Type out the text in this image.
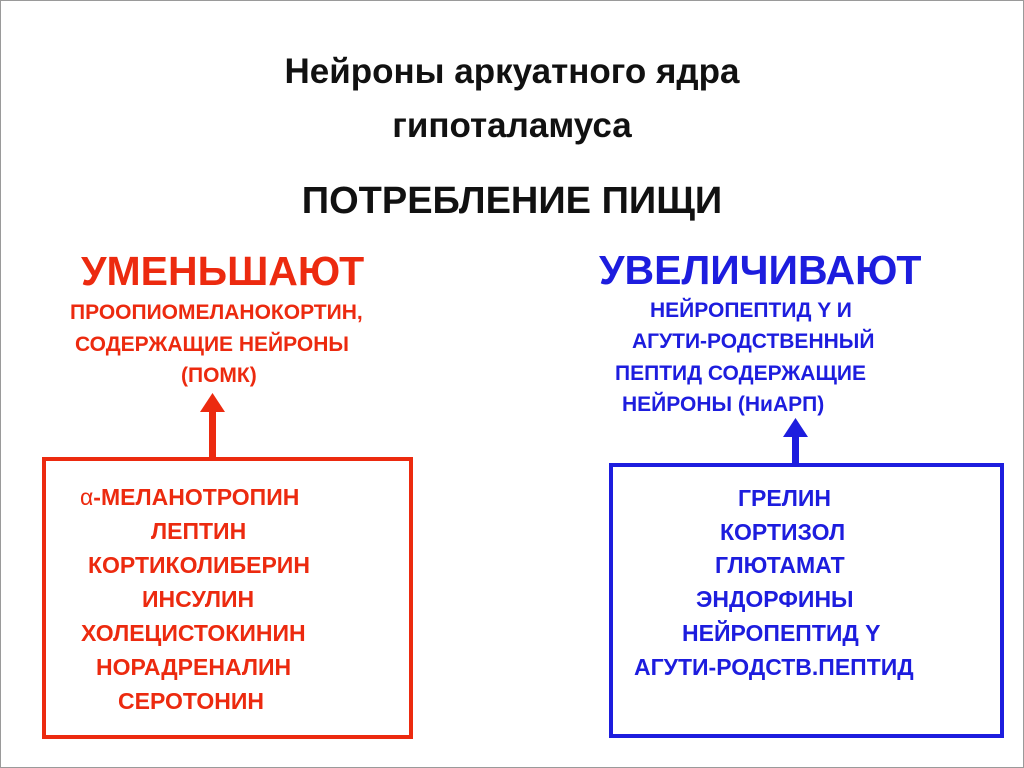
Нейроны аркуатного ядра
гипоталамуса
ПОТРЕБЛЕНИЕ ПИЩИ
УМЕНЬШАЮТ
ПРООПИОМЕЛАНОКОРТИН,
СОДЕРЖАЩИЕ НЕЙРОНЫ
(ПОМК)
α-МЕЛАНОТРОПИН
ЛЕПТИН
КОРТИКОЛИБЕРИН
ИНСУЛИН
ХОЛЕЦИСТОКИНИН
НОРАДРЕНАЛИН
СЕРОТОНИН
УВЕЛИЧИВАЮТ
НЕЙРОПЕПТИД Y И
АГУТИ-РОДСТВЕННЫЙ
ПЕПТИД СОДЕРЖАЩИЕ
НЕЙРОНЫ (НиАРП)
ГРЕЛИН
КОРТИЗОЛ
ГЛЮТАМАТ
ЭНДОРФИНЫ
НЕЙРОПЕПТИД Y
АГУТИ-РОДСТВ.ПЕПТИД
